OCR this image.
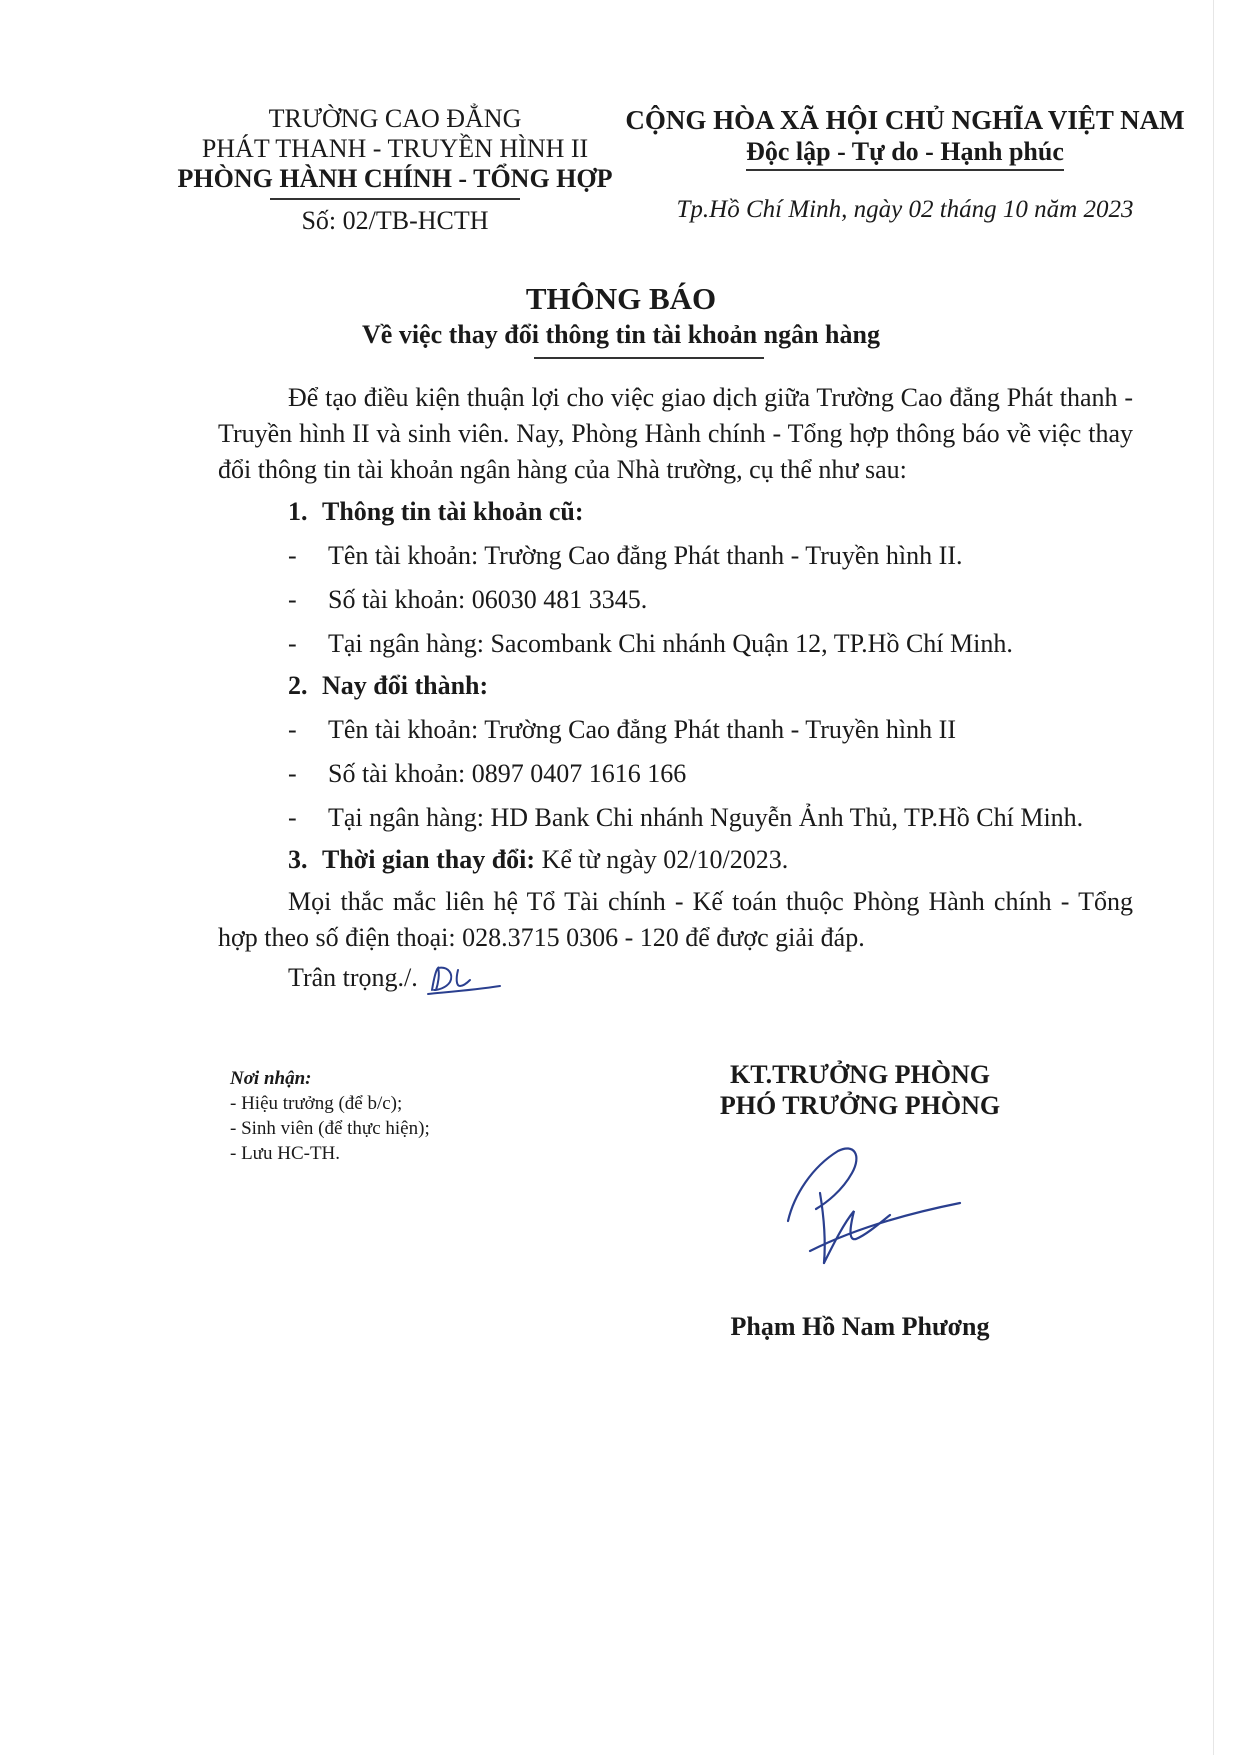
TRƯỜNG CAO ĐẲNG
PHÁT THANH - TRUYỀN HÌNH II
PHÒNG HÀNH CHÍNH - TỔNG HỢP
Số: 02/TB-HCTH
CỘNG HÒA XÃ HỘI CHỦ NGHĨA VIỆT NAM
Độc lập - Tự do - Hạnh phúc
Tp.Hồ Chí Minh, ngày 02 tháng 10 năm 2023
THÔNG BÁO
Về việc thay đổi thông tin tài khoản ngân hàng

Để tạo điều kiện thuận lợi cho việc giao dịch giữa Trường Cao đẳng Phát thanh - Truyền hình II và sinh viên. Nay, Phòng Hành chính - Tổng hợp thông báo về việc thay đổi thông tin tài khoản ngân hàng của Nhà trường, cụ thể như sau:

1. Thông tin tài khoản cũ:
- Tên tài khoản: Trường Cao đẳng Phát thanh - Truyền hình II.
- Số tài khoản: 06030 481 3345.
- Tại ngân hàng: Sacombank Chi nhánh Quận 12, TP.Hồ Chí Minh.
2. Nay đổi thành:
- Tên tài khoản: Trường Cao đẳng Phát thanh - Truyền hình II
- Số tài khoản: 0897 0407 1616 166
- Tại ngân hàng: HD Bank Chi nhánh Nguyễn Ảnh Thủ, TP.Hồ Chí Minh.
3. Thời gian thay đổi: Kể từ ngày 02/10/2023.

Mọi thắc mắc liên hệ Tổ Tài chính - Kế toán thuộc Phòng Hành chính - Tổng hợp theo số điện thoại: 028.3715 0306 - 120 để được giải đáp.

Trân trọng./.
Nơi nhận:
- Hiệu trưởng (để b/c);
- Sinh viên (để thực hiện);
- Lưu HC-TH.
KT.TRƯỞNG PHÒNG
PHÓ TRƯỞNG PHÒNG
Phạm Hồ Nam Phương
